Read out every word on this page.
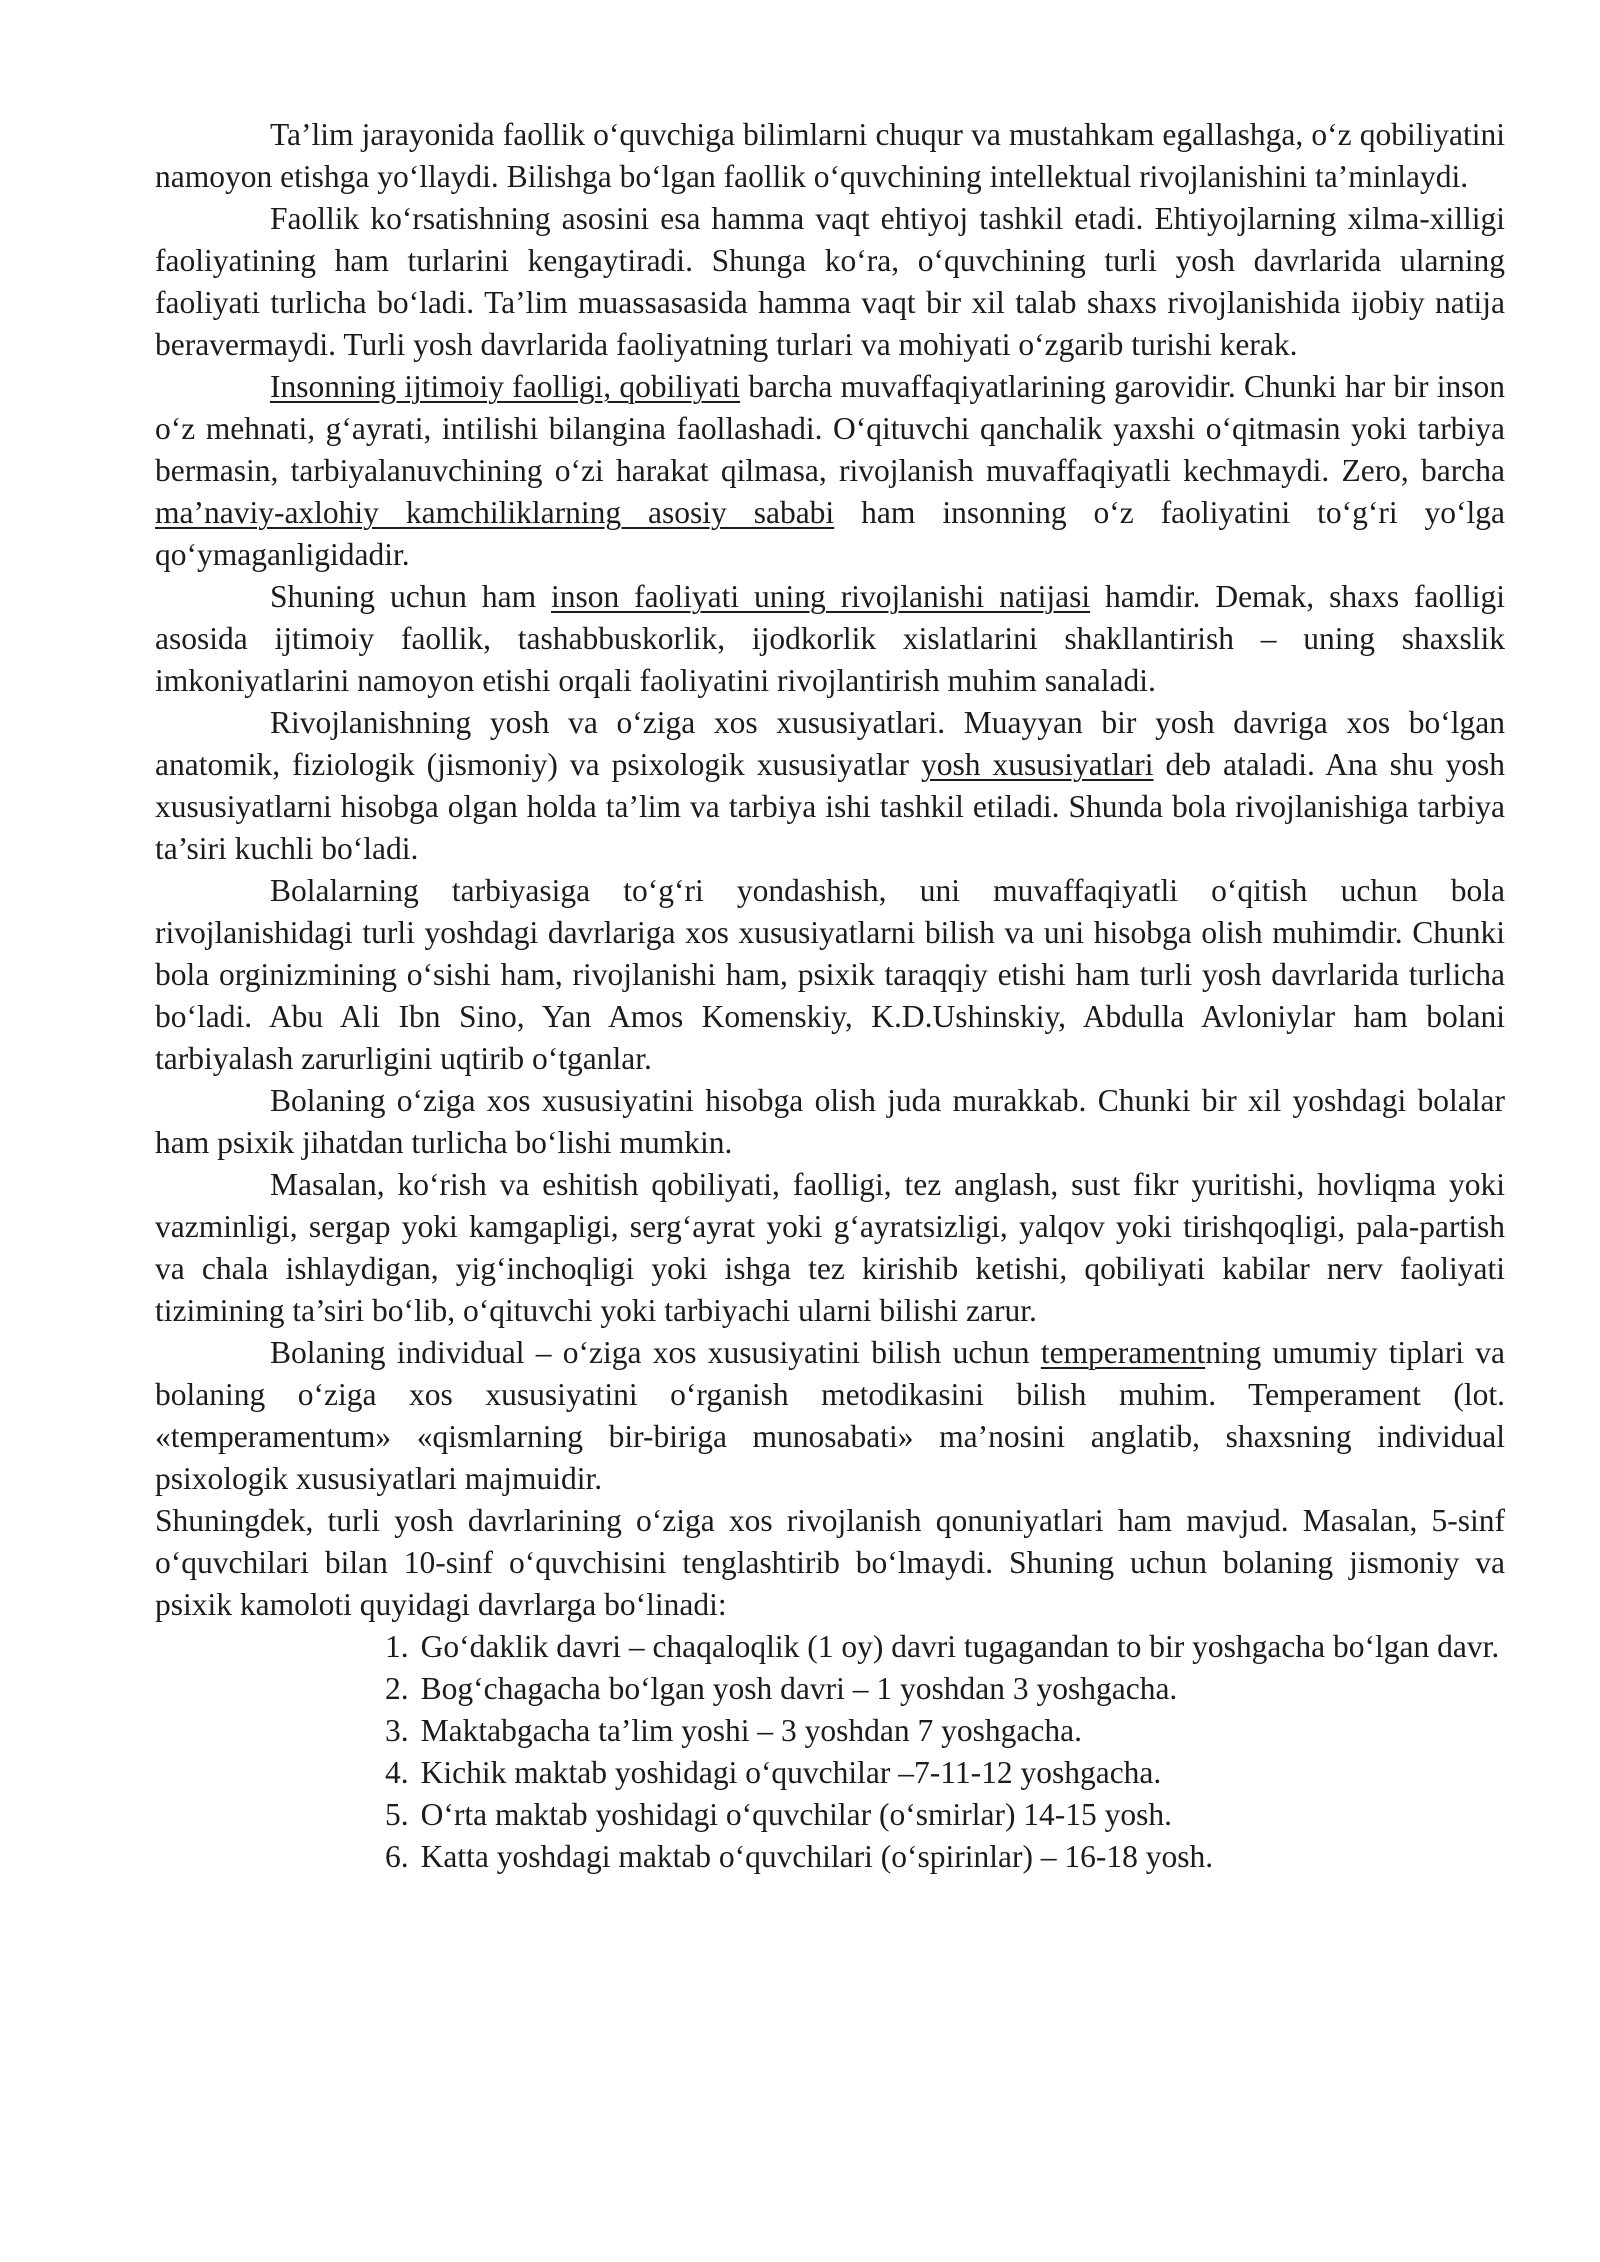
Ta’lim jarayonida faollik o‘quvchiga bilimlarni chuqur va mustahkam egallashga, o‘z qobiliyatini namoyon etishga yo‘llaydi. Bilishga bo‘lgan faollik o‘quvchining intellektual rivojlanishini ta’minlaydi.

Faollik ko‘rsatishning asosini esa hamma vaqt ehtiyoj tashkil etadi. Ehtiyojlarning xilma-xilligi faoliyatining ham turlarini kengaytiradi. Shunga ko‘ra, o‘quvchining turli yosh davrlarida ularning faoliyati turlicha bo‘ladi. Ta’lim muassasasida hamma vaqt bir xil talab shaxs rivojlanishida ijobiy natija beravermaydi. Turli yosh davrlarida faoliyatning turlari va mohiyati o‘zgarib turishi kerak.

Insonning ijtimoiy faolligi, qobiliyati barcha muvaffaqiyatlarining garovidir. Chunki har bir inson o‘z mehnati, g‘ayrati, intilishi bilangina faollashadi. O‘qituvchi qanchalik yaxshi o‘qitmasin yoki tarbiya bermasin, tarbiyalanuvchining o‘zi harakat qilmasa, rivojlanish muvaffaqiyatli kechmaydi. Zero, barcha ma’naviy-axlohiy kamchiliklarning asosiy sababi ham insonning o‘z faoliyatini to‘g‘ri yo‘lga qo‘ymaganligidadir.

Shuning uchun ham inson faoliyati uning rivojlanishi natijasi hamdir. Demak, shaxs faolligi asosida ijtimoiy faollik, tashabbuskorlik, ijodkorlik xislatlarini shakllantirish – uning shaxslik imkoniyatlarini namoyon etishi orqali faoliyatini rivojlantirish muhim sanaladi.

Rivojlanishning yosh va o‘ziga xos xususiyatlari. Muayyan bir yosh davriga xos bo‘lgan anatomik, fiziologik (jismoniy) va psixologik xususiyatlar yosh xususiyatlari deb ataladi. Ana shu yosh xususiyatlarni hisobga olgan holda ta’lim va tarbiya ishi tashkil etiladi. Shunda bola rivojlanishiga tarbiya ta’siri kuchli bo‘ladi.

Bolalarning tarbiyasiga to‘g‘ri yondashish, uni muvaffaqiyatli o‘qitish uchun bola rivojlanishidagi turli yoshdagi davrlariga xos xususiyatlarni bilish va uni hisobga olish muhimdir. Chunki bola orginizmining o‘sishi ham, rivojlanishi ham, psixik taraqqiy etishi ham turli yosh davrlarida turlicha bo‘ladi. Abu Ali Ibn Sino, Yan Amos Komenskiy, K.D.Ushinskiy, Abdulla Avloniylar ham bolani tarbiyalash zarurligini uqtirib o‘tganlar.

Bolaning o‘ziga xos xususiyatini hisobga olish juda murakkab. Chunki bir xil yoshdagi bolalar ham psixik jihatdan turlicha bo‘lishi mumkin.

Masalan, ko‘rish va eshitish qobiliyati, faolligi, tez anglash, sust fikr yuritishi, hovliqma yoki vazminligi, sergap yoki kamgapligi, serg‘ayrat yoki g‘ayratsizligi, yalqov yoki tirishqoqligi, pala-partish va chala ishlaydigan, yig‘inchoqligi yoki ishga tez kirishib ketishi, qobiliyati kabilar nerv faoliyati tizimining ta’siri bo‘lib, o‘qituvchi yoki tarbiyachi ularni bilishi zarur.

Bolaning individual – o‘ziga xos xususiyatini bilish uchun temperamentning umumiy tiplari va bolaning o‘ziga xos xususiyatini o‘rganish metodikasini bilish muhim. Temperament (lot. «temperamentum» «qismlarning bir-biriga munosabati» ma’nosini anglatib, shaxsning individual psixologik xususiyatlari majmuidir.

Shuningdek, turli yosh davrlarining o‘ziga xos rivojlanish qonuniyatlari ham mavjud. Masalan, 5-sinf o‘quvchilari bilan 10-sinf o‘quvchisini tenglashtirib bo‘lmaydi. Shuning uchun bolaning jismoniy va psixik kamoloti quyidagi davrlarga bo‘linadi:

1. Go‘daklik davri – chaqaloqlik (1 oy) davri tugagandan to bir yoshgacha bo‘lgan davr.

2. Bog‘chagacha bo‘lgan yosh davri – 1 yoshdan 3 yoshgacha.

3. Maktabgacha ta’lim yoshi – 3 yoshdan 7 yoshgacha.

4. Kichik maktab yoshidagi o‘quvchilar –7-11-12 yoshgacha.

5. O‘rta maktab yoshidagi o‘quvchilar (o‘smirlar) 14-15 yosh.

6. Katta yoshdagi maktab o‘quvchilari (o‘spirinlar) – 16-18 yosh.
